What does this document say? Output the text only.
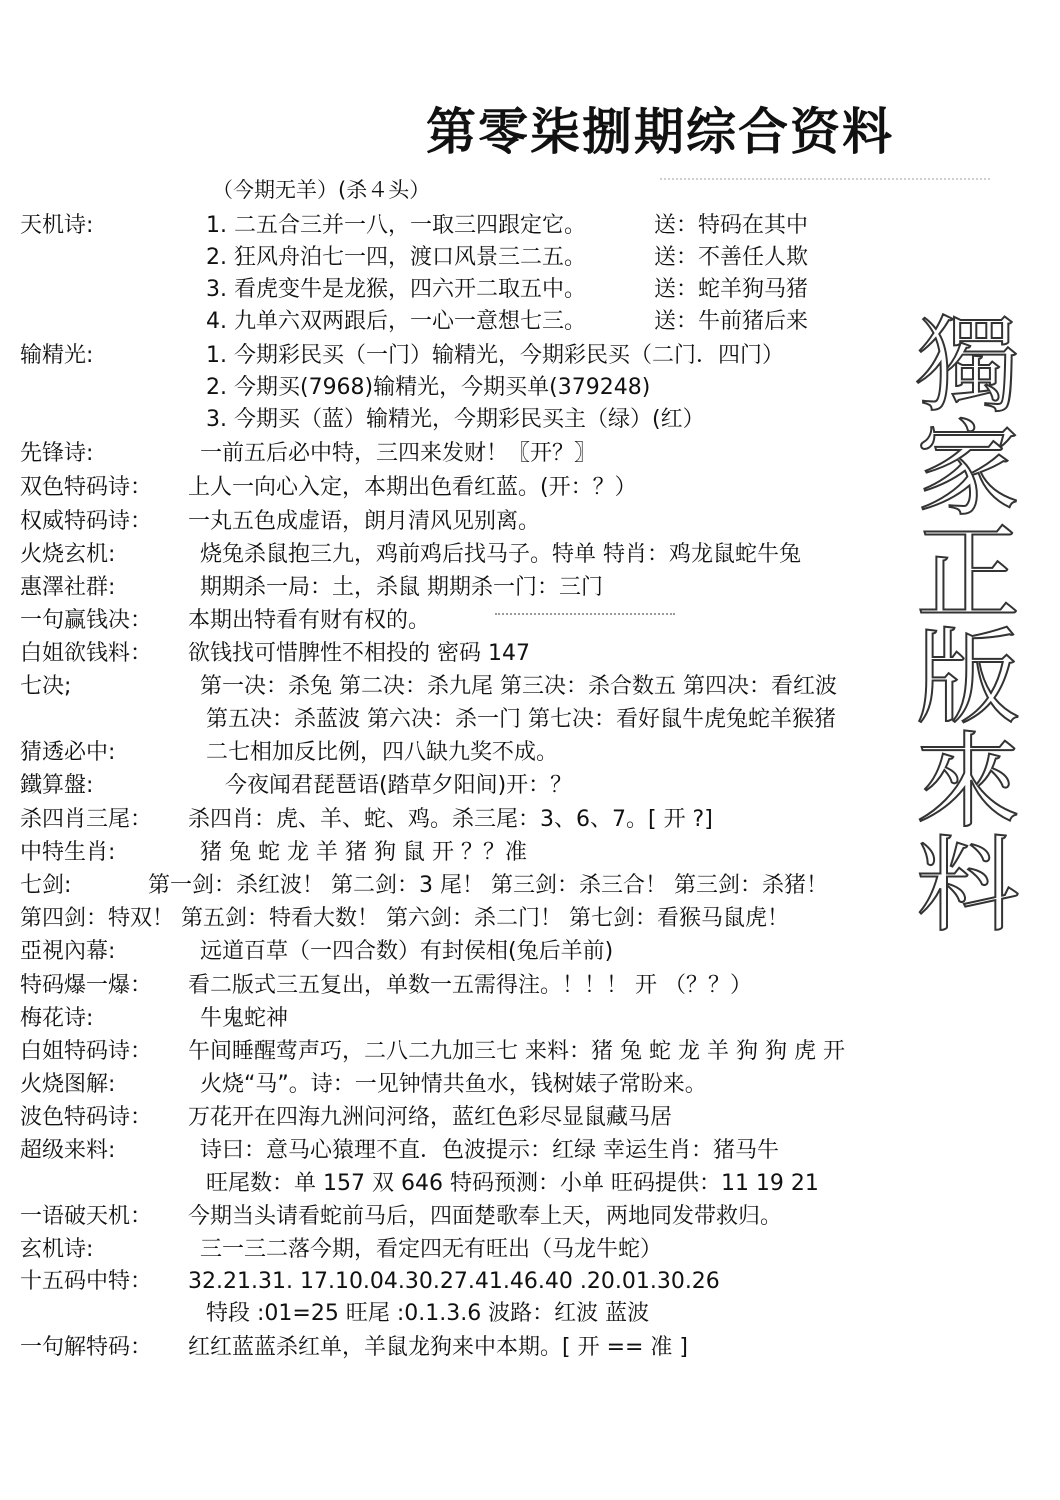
第零柒捌期综合资料
（今期无羊）(杀４头）
天机诗:	1. 二五合三并一八，一取三四跟定它。	送：特码在其中
2. 狂风舟泊七一四，渡口风景三二五。	送：不善任人欺
3. 看虎变牛是龙猴，四六开二取五中。	送：蛇羊狗马猪
4. 九单六双两跟后，一心一意想七三。	送：牛前猪后来
输精光:	1. 今期彩民买（一门）输精光，今期彩民买（二门．四门）
2. 今期买(7968)输精光，今期买单(379248)
3. 今期买（蓝）输精光，今期彩民买主（绿）(红）
先锋诗:	一前五后必中特，三四来发财！〖开？〗
双色特码诗： 上人一向心入定，本期出色看红蓝。(开：？）
权威特码诗： 一丸五色成虚语，朗月清风见别离。
火烧玄机:	烧兔杀鼠抱三九，鸡前鸡后找马子。特单 特肖：鸡龙鼠蛇牛兔
惠澤社群:	期期杀一局：土，杀鼠 期期杀一门：三门
一句赢钱决： 本期出特看有财有权的。
白姐欲钱料： 欲钱找可惜脾性不相投的 密码 147
七决;	第一决：杀兔 第二决：杀九尾 第三决：杀合数五 第四决：看红波
第五决：杀蓝波 第六决：杀一门 第七决：看好鼠牛虎兔蛇羊猴猪
猜透必中:	二七相加反比例，四八缺九奖不成。
鐵算盤:	今夜闻君琵琶语(踏草夕阳间)开：？
杀四肖三尾： 杀四肖：虎、羊、蛇、鸡。杀三尾：3、6、7。[ 开 ?]
中特生肖:	猪 兔 蛇 龙 羊 猪 狗 鼠 开 ？？准
七剑:	第一剑：杀红波！ 第二剑：3 尾！ 第三剑：杀三合！ 第三剑：杀猪！
第四剑：特双！ 第五剑：特看大数！ 第六剑：杀二门！ 第七剑：看猴马鼠虎！
亞視內幕:	远道百草（一四合数）有封侯相(兔后羊前)
特码爆一爆： 看二版式三五复出，单数一五需得注。！！！ 开 （？？）
梅花诗:	牛鬼蛇神
白姐特码诗： 午间睡醒莺声巧，二八二九加三七 来料：猪 兔 蛇 龙 羊 狗 狗 虎 开
火烧图解:	火烧“马”。诗：一见钟情共鱼水，钱树婊子常盼来。
波色特码诗： 万花开在四海九洲问河络，蓝红色彩尽显鼠藏马居
超级来料:	诗曰：意马心猿理不直．色波提示：红绿 幸运生肖：猪马牛
旺尾数：单 157 双 646 特码预测：小单 旺码提供：11 19 21
一语破天机： 今期当头请看蛇前马后，四面楚歌奉上天，两地同发带救归。
玄机诗:	三一三二落今期，看定四无有旺出（马龙牛蛇）
十五码中特： 32.21.31. 17.10.04.30.27.41.46.40 .20.01.30.26
特段 :01=25 旺尾 :0.1.3.6 波路：红波 蓝波
一句解特码： 红红蓝蓝杀红单，羊鼠龙狗来中本期。[ 开 == 准 ]
獨家正版來料
